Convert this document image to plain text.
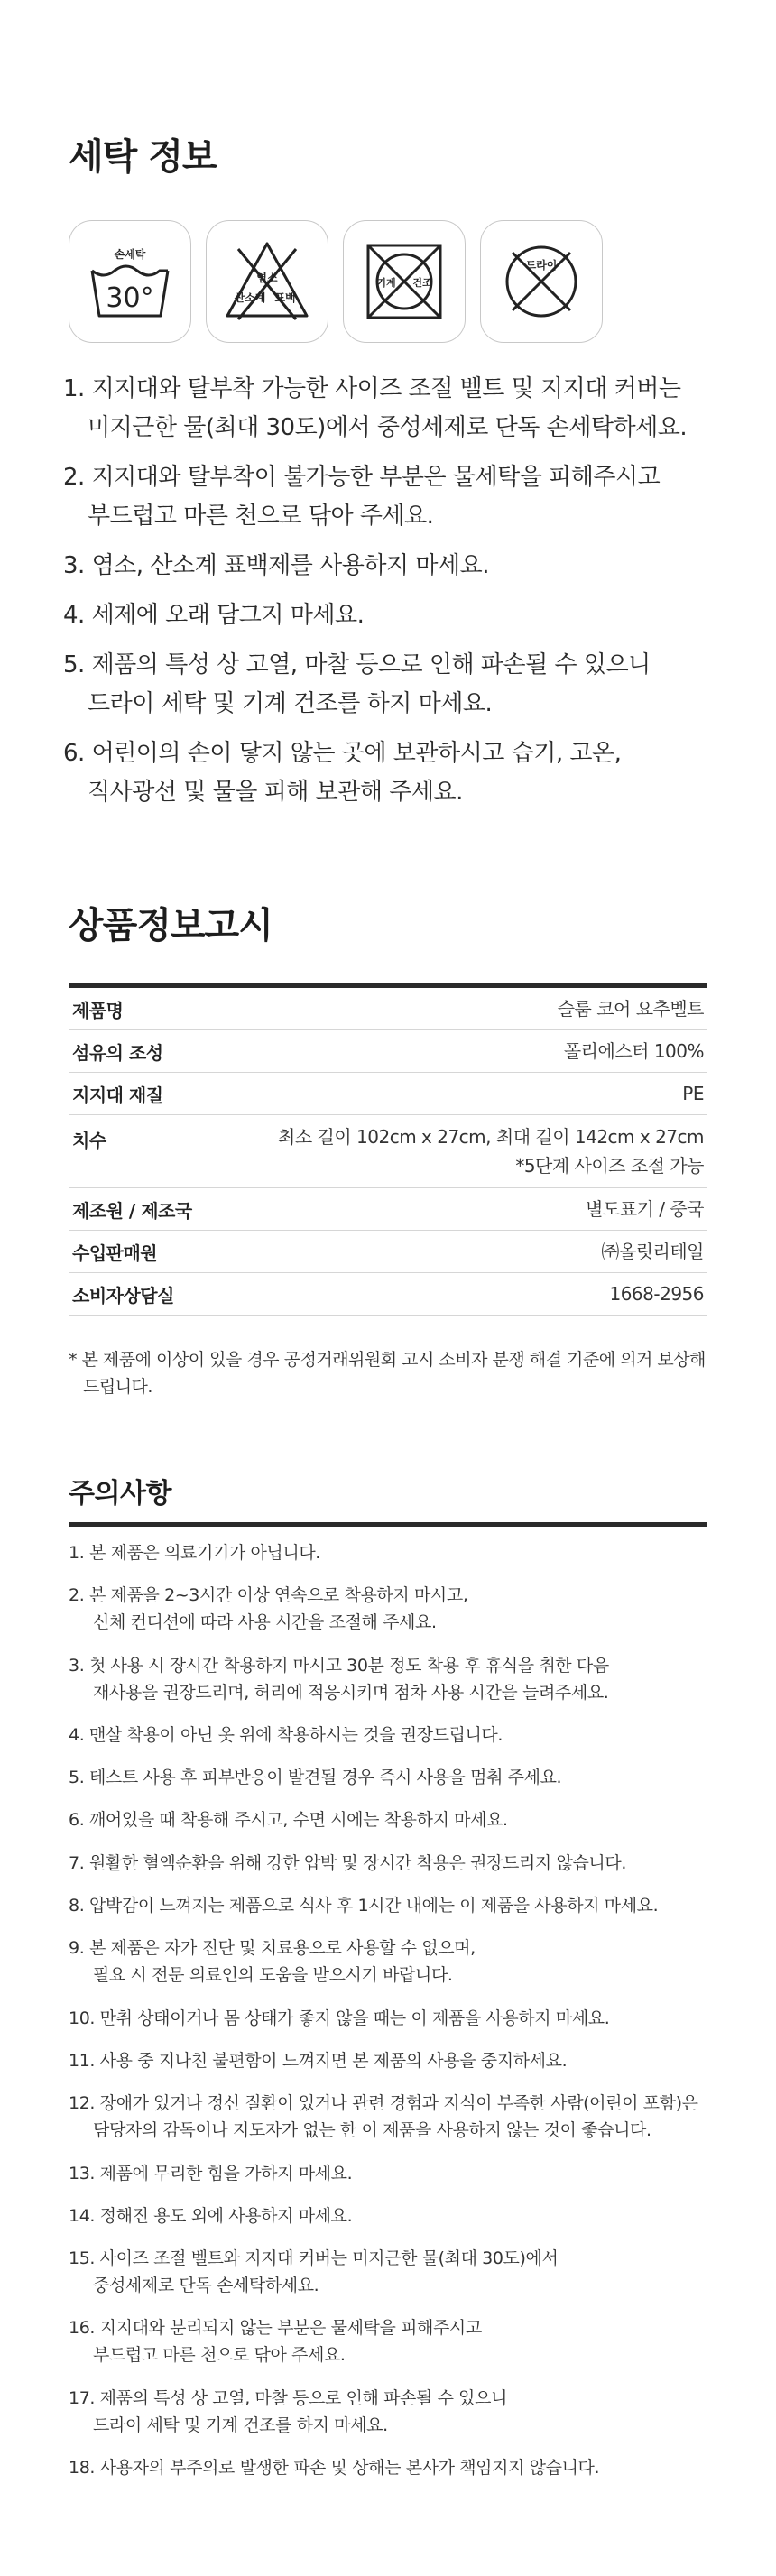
세탁 정보
손세탁
30°
염소
산소계 표백
기계 건조
드라이
1. 지지대와 탈부착 가능한 사이즈 조절 벨트 및 지지대 커버는
미지근한 물(최대 30도)에서 중성세제로 단독 손세탁하세요.
2. 지지대와 탈부착이 불가능한 부분은 물세탁을 피해주시고
부드럽고 마른 천으로 닦아 주세요.
3. 염소, 산소계 표백제를 사용하지 마세요.
4. 세제에 오래 담그지 마세요.
5. 제품의 특성 상 고열, 마찰 등으로 인해 파손될 수 있으니
드라이 세탁 및 기계 건조를 하지 마세요.
6. 어린이의 손이 닿지 않는 곳에 보관하시고 습기, 고온,
직사광선 및 물을 피해 보관해 주세요.
상품정보고시
제품명	슬룸 코어 요추벨트
섬유의 조성	폴리에스터 100%
지지대 재질	PE
치수	최소 길이 102cm x 27cm, 최대 길이 142cm x 27cm
*5단계 사이즈 조절 가능
제조원 / 제조국	별도표기 / 중국
수입판매원	㈜올릿리테일
소비자상담실	1668-2956
* 본 제품에 이상이 있을 경우 공정거래위원회 고시 소비자 분쟁 해결 기준에 의거 보상해
드립니다.
주의사항
1. 본 제품은 의료기기가 아닙니다.
2. 본 제품을 2~3시간 이상 연속으로 착용하지 마시고,
신체 컨디션에 따라 사용 시간을 조절해 주세요.
3. 첫 사용 시 장시간 착용하지 마시고 30분 정도 착용 후 휴식을 취한 다음
재사용을 권장드리며, 허리에 적응시키며 점차 사용 시간을 늘려주세요.
4. 맨살 착용이 아닌 옷 위에 착용하시는 것을 권장드립니다.
5. 테스트 사용 후 피부반응이 발견될 경우 즉시 사용을 멈춰 주세요.
6. 깨어있을 때 착용해 주시고, 수면 시에는 착용하지 마세요.
7. 원활한 혈액순환을 위해 강한 압박 및 장시간 착용은 권장드리지 않습니다.
8. 압박감이 느껴지는 제품으로 식사 후 1시간 내에는 이 제품을 사용하지 마세요.
9. 본 제품은 자가 진단 및 치료용으로 사용할 수 없으며,
필요 시 전문 의료인의 도움을 받으시기 바랍니다.
10. 만취 상태이거나 몸 상태가 좋지 않을 때는 이 제품을 사용하지 마세요.
11. 사용 중 지나친 불편함이 느껴지면 본 제품의 사용을 중지하세요.
12. 장애가 있거나 정신 질환이 있거나 관련 경험과 지식이 부족한 사람(어린이 포함)은
담당자의 감독이나 지도자가 없는 한 이 제품을 사용하지 않는 것이 좋습니다.
13. 제품에 무리한 힘을 가하지 마세요.
14. 정해진 용도 외에 사용하지 마세요.
15. 사이즈 조절 벨트와 지지대 커버는 미지근한 물(최대 30도)에서
중성세제로 단독 손세탁하세요.
16. 지지대와 분리되지 않는 부분은 물세탁을 피해주시고
부드럽고 마른 천으로 닦아 주세요.
17. 제품의 특성 상 고열, 마찰 등으로 인해 파손될 수 있으니
드라이 세탁 및 기계 건조를 하지 마세요.
18. 사용자의 부주의로 발생한 파손 및 상해는 본사가 책임지지 않습니다.
